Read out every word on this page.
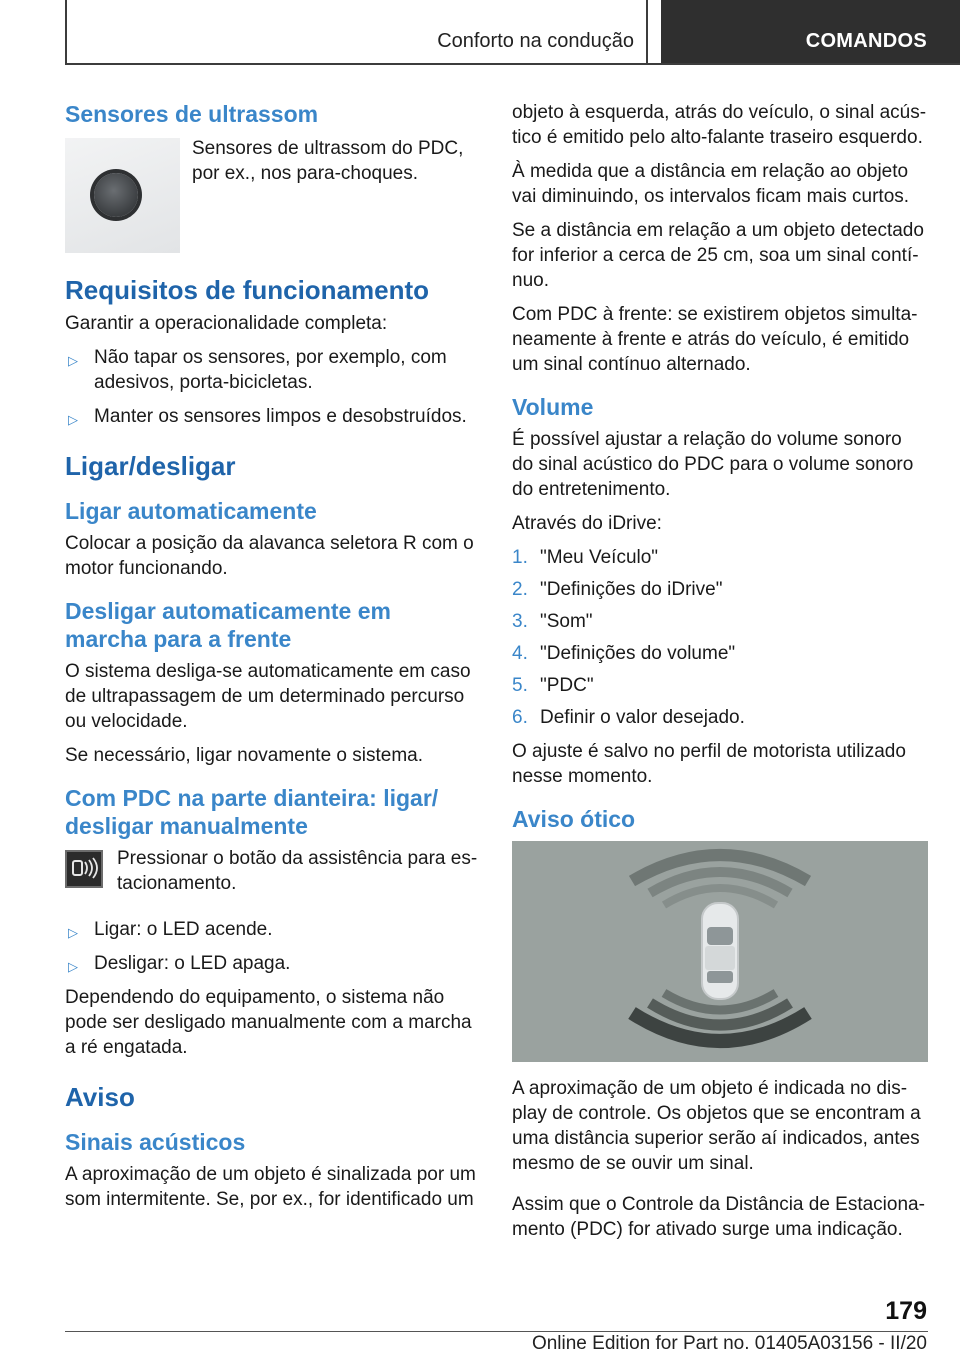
Conforto na condução	COMANDOS
Sensores de ultrassom

Sensores de ultrassom do PDC, por ex., nos para-choques.

Requisitos de funcionamento

Garantir a operacionalidade completa:

▷ Não tapar os sensores, por exemplo, com adesivos, porta-bicicletas.
▷ Manter os sensores limpos e desobstruídos.
Ligar/desligar
Ligar automaticamente

Colocar a posição da alavanca seletora R com o motor funcionando.

Desligar automaticamente em marcha para a frente

O sistema desliga-se automaticamente em caso de ultrapassagem de um determinado percurso ou velocidade.

Se necessário, ligar novamente o sistema.

Com PDC na parte dianteira: ligar/ desligar manualmente

Pressionar o botão da assistência para estacionamento.

▷ Ligar: o LED acende.
▷ Desligar: o LED apaga.

Dependendo do equipamento, o sistema não pode ser desligado manualmente com a marcha a ré engatada.

Aviso
Sinais acústicos

A aproximação de um objeto é sinalizada por um som intermitente. Se, por ex., for identificado um

objeto à esquerda, atrás do veículo, o sinal acústico é emitido pelo alto-falante traseiro esquerdo.

À medida que a distância em relação ao objeto vai diminuindo, os intervalos ficam mais curtos.

Se a distância em relação a um objeto detectado for inferior a cerca de 25 cm, soa um sinal contínuo.

Com PDC à frente: se existirem objetos simultaneamente à frente e atrás do veículo, é emitido um sinal contínuo alternado.

Volume

É possível ajustar a relação do volume sonoro do sinal acústico do PDC para o volume sonoro do entretenimento.

Através do iDrive:

1. "Meu Veículo"
2. "Definições do iDrive"
3. "Som"
4. "Definições do volume"
5. "PDC"
6. Definir o valor desejado.

O ajuste é salvo no perfil de motorista utilizado nesse momento.

Aviso ótico

A aproximação de um objeto é indicada no display de controle. Os objetos que se encontram a uma distância superior serão aí indicados, antes mesmo de se ouvir um sinal.

Assim que o Controle da Distância de Estacionamento (PDC) for ativado surge uma indicação.

179
Online Edition for Part no. 01405A03156 - II/20
